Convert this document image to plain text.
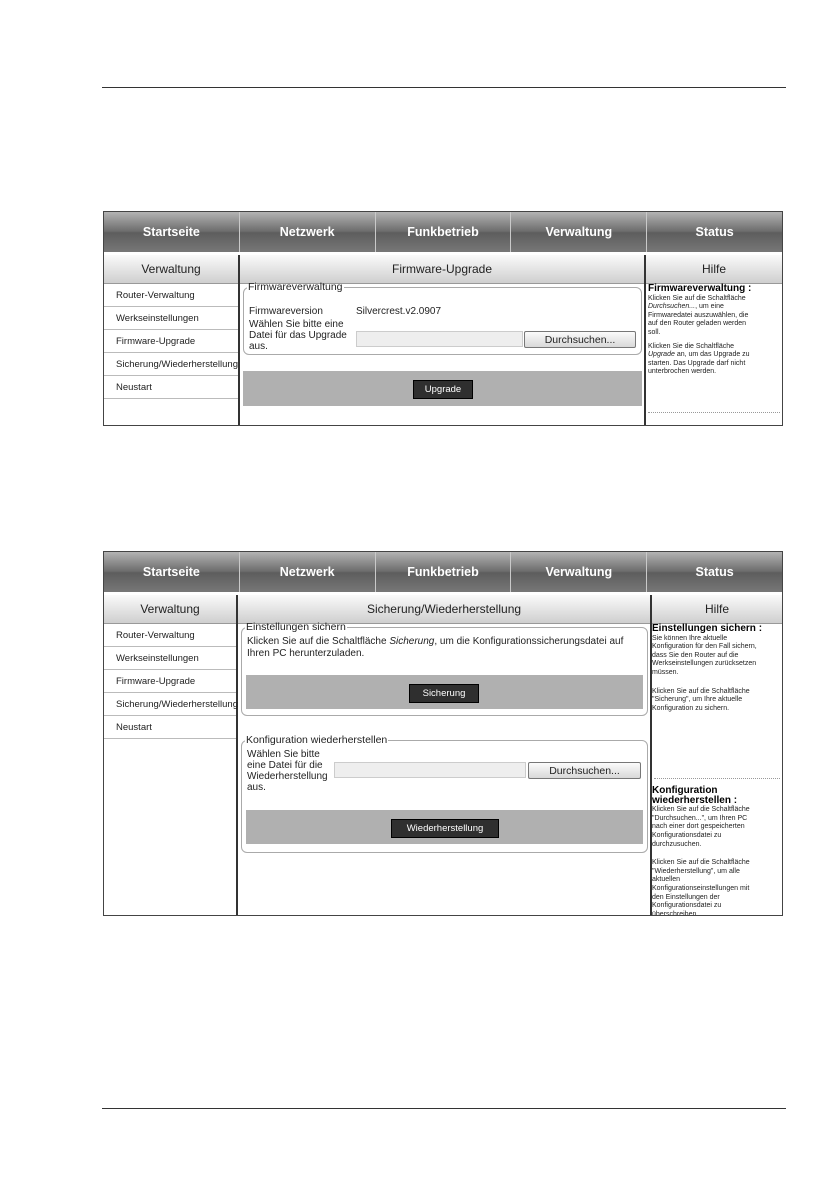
Startseite	Netzwerk	Funkbetrieb	Verwaltung	Status
Verwaltung
Router-Verwaltung
Werkseinstellungen
Firmware-Upgrade
Sicherung/Wiederherstellung
Neustart
Firmware-Upgrade
Firmwareverwaltung
Firmwareversion	Silvercrest.v2.0907
Wählen Sie bitte eine
Datei für das Upgrade
aus.
Durchsuchen...
Upgrade
Hilfe
Firmwareverwaltung :
Klicken Sie auf die Schaltfläche
Durchsuchen..., um eine
Firmwaredatei auszuwählen, die
auf den Router geladen werden
soll.
Klicken Sie die Schaltfläche
Upgrade an, um das Upgrade zu
starten. Das Upgrade darf nicht
unterbrochen werden.
Startseite	Netzwerk	Funkbetrieb	Verwaltung	Status
Verwaltung
Router-Verwaltung
Werkseinstellungen
Firmware-Upgrade
Sicherung/Wiederherstellung
Neustart
Sicherung/Wiederherstellung
Einstellungen sichern
Klicken Sie auf die Schaltfläche Sicherung, um die Konfigurationssicherungsdatei auf
Ihren PC herunterzuladen.
Sicherung
Konfiguration wiederherstellen
Wählen Sie bitte
eine Datei für die
Wiederherstellung
aus.
Durchsuchen...
Wiederherstellung
Hilfe
Einstellungen sichern :
Sie können Ihre aktuelle
Konfiguration für den Fall sichern,
dass Sie den Router auf die
Werkseinstellungen zurücksetzen
müssen.
Klicken Sie auf die Schaltfläche
"Sicherung", um Ihre aktuelle
Konfiguration zu sichern.
Konfiguration
wiederherstellen :
Klicken Sie auf die Schaltfläche
"Durchsuchen...", um Ihren PC
nach einer dort gespeicherten
Konfigurationsdatei zu
durchzusuchen.
Klicken Sie auf die Schaltfläche
"Wiederherstellung", um alle
aktuellen
Konfigurationseinstellungen mit
den Einstellungen der
Konfigurationsdatei zu
überschreiben.
